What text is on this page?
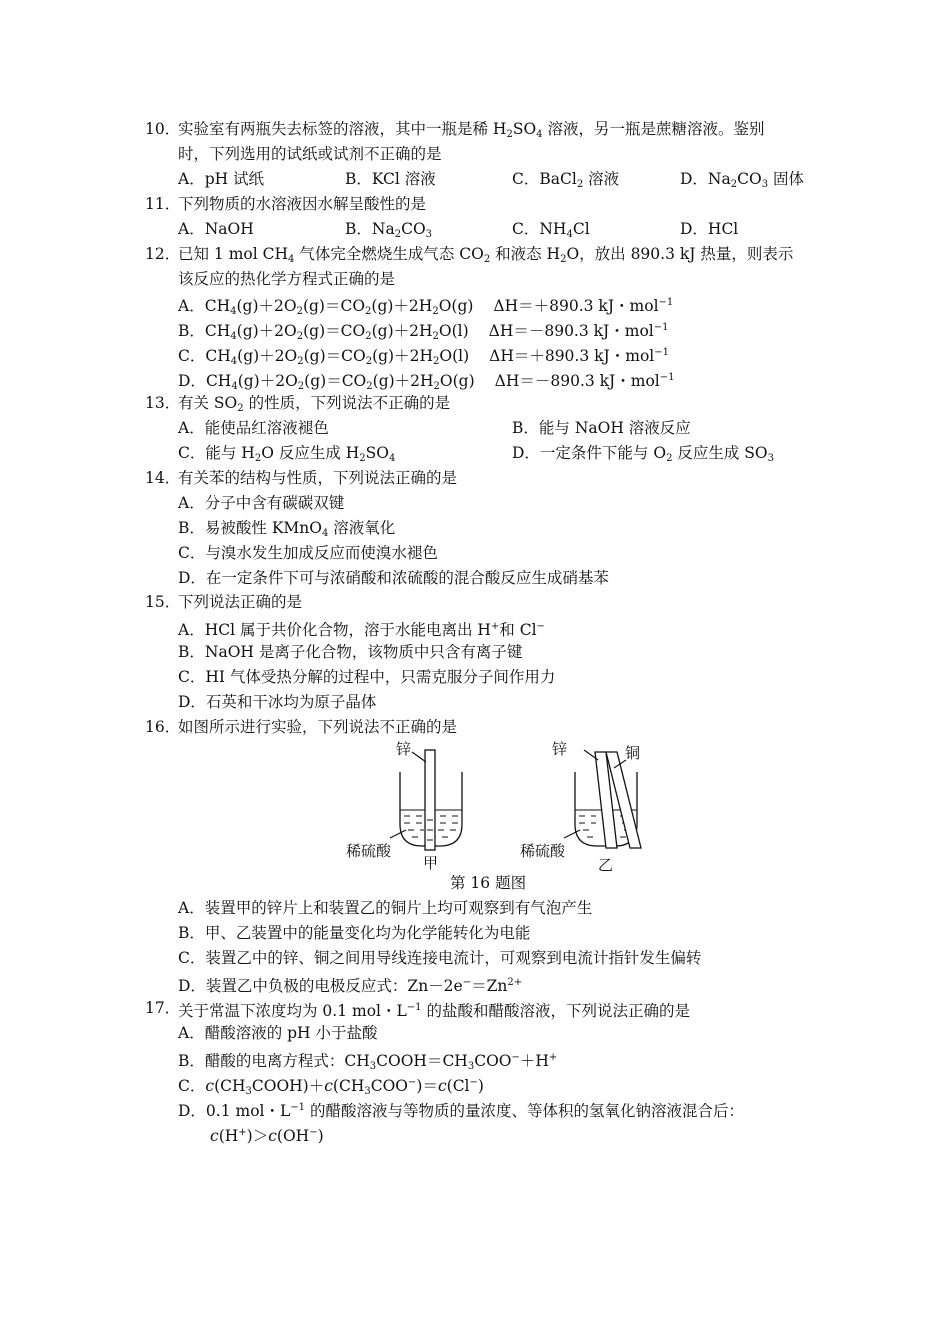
10．
实验室有两瓶失去标签的溶液，其中一瓶是稀 $H_2SO_4$ 溶液，另一瓶是蔗糖溶液。鉴别
时，下列选用的试纸或试剂不正确的是
A．pH 试纸	B．KCl 溶液	C．BaCl$_2$ 溶液	D．$Na_2CO_3$ 固体
11．
下列物质的水溶液因水解呈酸性的是
A．NaOH	B．$Na_2CO_3$	C．$NH_4Cl$	D．HCl
12．
已知 1 mol $CH_4$ 气体完全燃烧生成气态 $CO_2$ 和液态 $H_2O$，放出 890.3 kJ 热量，则表示
该反应的热化学方程式正确的是
A．$CH_4(g)+2O_2(g)=CO_2(g)+2H_2O(g)$ ΔH＝＋890.3 kJ・mol$^{-1}$
B．$CH_4(g)+2O_2(g)=CO_2(g)+2H_2O(l)$ ΔH＝－890.3 kJ・mol$^{-1}$
C．$CH_4(g)+2O_2(g)=CO_2(g)+2H_2O(l)$ ΔH＝＋890.3 kJ・mol$^{-1}$
D．$CH_4(g)+2O_2(g)=CO_2(g)+2H_2O(g)$ ΔH＝－890.3 kJ・mol$^{-1}$
13．
有关 $SO_2$ 的性质，下列说法不正确的是
A．能使品红溶液褪色	B．能与 NaOH 溶液反应
C．能与 $H_2O$ 反应生成 $H_2SO_4$	D．一定条件下能与 $O_2$ 反应生成 $SO_3$
14．
有关苯的结构与性质，下列说法正确的是
A．分子中含有碳碳双键
B．易被酸性 KMnO$_4$ 溶液氧化
C．与溴水发生加成反应而使溴水褪色
D．在一定条件下可与浓硝酸和浓硫酸的混合酸反应生成硝基苯
15．
下列说法正确的是
A．HCl 属于共价化合物，溶于水能电离出 H+和 Cl−
B．NaOH 是离子化合物，该物质中只含有离子键
C．HI 气体受热分解的过程中，只需克服分子间作用力
D．石英和干冰均为原子晶体
16．
如图所示进行实验，下列说法不正确的是
锌
稀硫酸
甲
锌	铜
稀硫酸
乙
第 16 题图
A．装置甲的锌片上和装置乙的铜片上均可观察到有气泡产生
B．甲、乙装置中的能量变化均为化学能转化为电能
C．装置乙中的锌、铜之间用导线连接电流计，可观察到电流计指针发生偏转
D．装置乙中负极的电极反应式：$Zn-2e^-=Zn^{2+}$
17．
关于常温下浓度均为 0.1 mol・$L^{-1}$ 的盐酸和醋酸溶液，下列说法正确的是
A．醋酸溶液的 pH 小于盐酸
B．醋酸的电离方程式：$CH_3COOH=CH_3COO^-+H^+$
C．$c(CH_3COOH)+c(CH_3COO^-)=c(Cl^-)$
D．0.1 mol・$L^{-1}$ 的醋酸溶液与等物质的量浓度、等体积的氢氧化钠溶液混合后：
c(H+)＞c(OH−)
